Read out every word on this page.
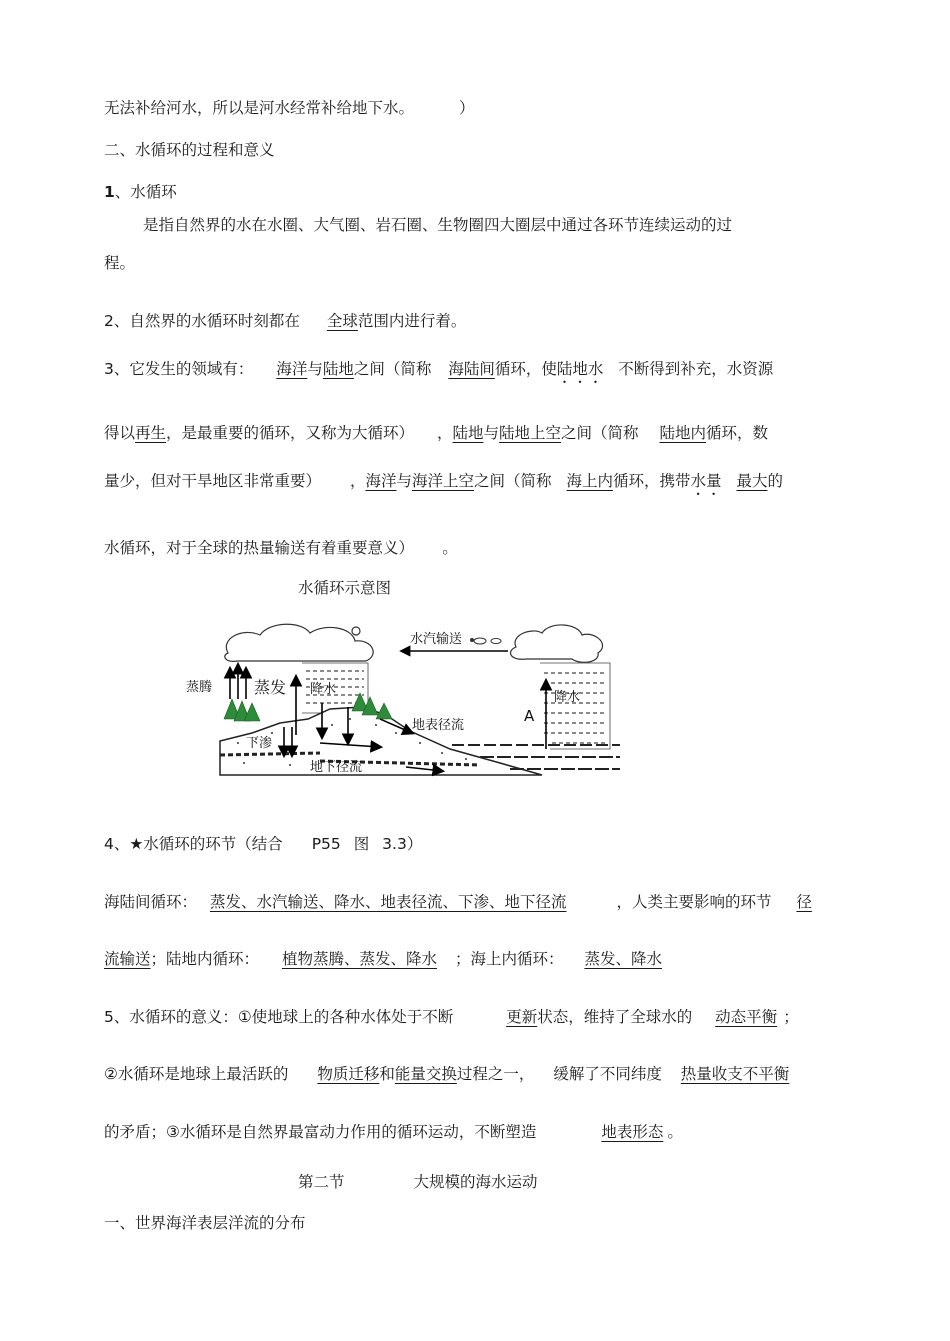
无法补给河水，所以是河水经常补给地下水。	）
二、水循环的过程和意义
1、水循环
是指自然界的水在水圈、大气圈、岩石圈、生物圈四大圈层中通过各环节连续运动的过
程。
2、自然界的水循环时刻都在 全球范围内进行着。
3、它发生的领域有： 海洋与陆地之间（简称 海陆间循环，使陆地水 不断得到补充，水资源
得以再生，是最重要的循环，又称为大循环） ，陆地与陆地上空之间（简称 陆地内循环，数
量少，但对干旱地区非常重要） ，海洋与海洋上空之间（简称 海上内循环，携带水量 最大的
水循环，对于全球的热量输送有着重要意义） 。
水循环示意图
水汽输送
蒸腾	蒸发 降水
降水
地表径流
下渗
地下径流
A
4、★水循环的环节（结合 P55 图 3.3）
海陆间循环： 蒸发、水汽输送、降水、地表径流、下渗、地下径流	，人类主要影响的环节 径
流输送；陆地内循环： 植物蒸腾、蒸发、降水 ；海上内循环： 蒸发、降水
5、水循环的意义：①使地球上的各种水体处于不断	更新状态，维持了全球水的 动态平衡 ；
②水循环是地球上最活跃的 物质迁移和能量交换过程之一， 缓解了不同纬度 热量收支不平衡
的矛盾；③水循环是自然界最富动力作用的循环运动，不断塑造	地表形态 。
第二节	大规模的海水运动
一、世界海洋表层洋流的分布
